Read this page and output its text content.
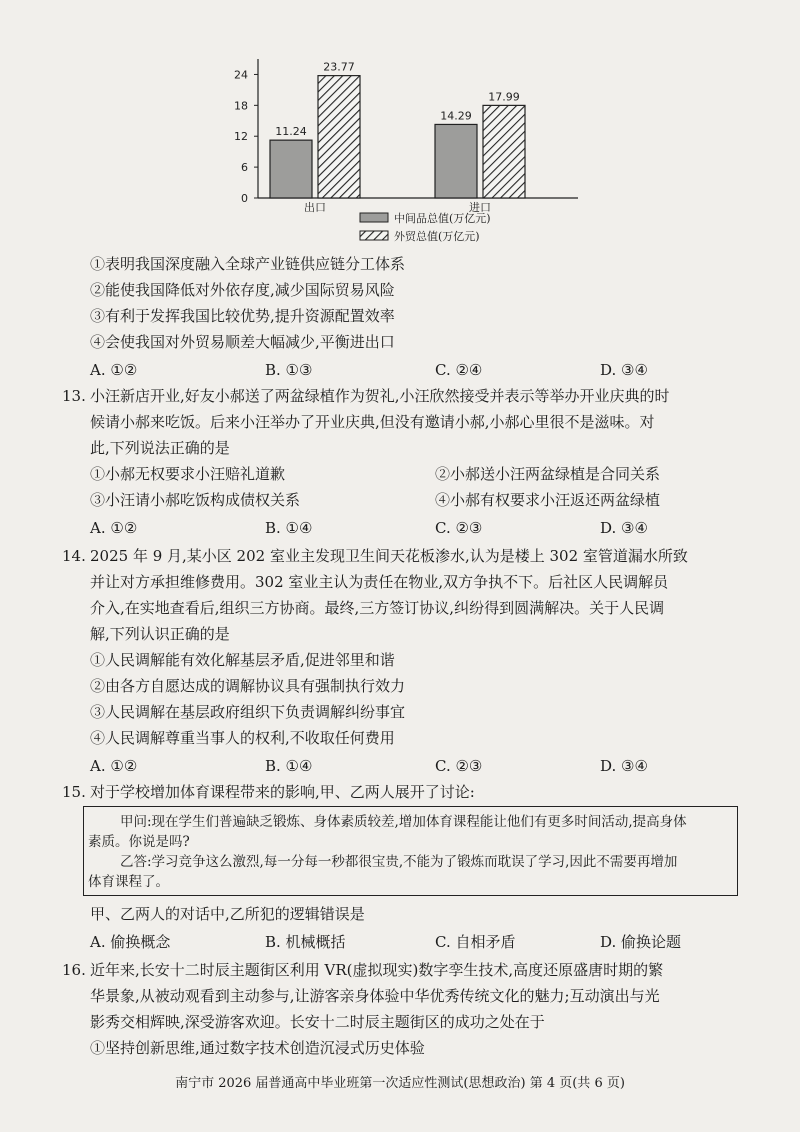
0
6
12
18
24
11.24
23.77
出口
14.29
17.99
进口
中间品总值(万亿元)
外贸总值(万亿元)
①表明我国深度融入全球产业链供应链分工体系
②能使我国降低对外依存度,减少国际贸易风险
③有利于发挥我国比较优势,提升资源配置效率
④会使我国对外贸易顺差大幅减少,平衡进出口
A. ①②	B. ①③	C. ②④	D. ③④
13. 小汪新店开业,好友小郝送了两盆绿植作为贺礼,小汪欣然接受并表示等举办开业庆典的时
候请小郝来吃饭。后来小汪举办了开业庆典,但没有邀请小郝,小郝心里很不是滋味。对
此,下列说法正确的是
①小郝无权要求小汪赔礼道歉	②小郝送小汪两盆绿植是合同关系
③小汪请小郝吃饭构成债权关系	④小郝有权要求小汪返还两盆绿植
A. ①②	B. ①④	C. ②③	D. ③④
14. 2025 年 9 月,某小区 202 室业主发现卫生间天花板渗水,认为是楼上 302 室管道漏水所致
并让对方承担维修费用。302 室业主认为责任在物业,双方争执不下。后社区人民调解员
介入,在实地查看后,组织三方协商。最终,三方签订协议,纠纷得到圆满解决。关于人民调
解,下列认识正确的是
①人民调解能有效化解基层矛盾,促进邻里和谐
②由各方自愿达成的调解协议具有强制执行效力
③人民调解在基层政府组织下负责调解纠纷事宜
④人民调解尊重当事人的权利,不收取任何费用
A. ①②	B. ①④	C. ②③	D. ③④
15. 对于学校增加体育课程带来的影响,甲、乙两人展开了讨论:
甲问:现在学生们普遍缺乏锻炼、身体素质较差,增加体育课程能让他们有更多时间活动,提高身体
素质。你说是吗?
乙答:学习竞争这么激烈,每一分每一秒都很宝贵,不能为了锻炼而耽误了学习,因此不需要再增加
体育课程了。
甲、乙两人的对话中,乙所犯的逻辑错误是
A. 偷换概念	B. 机械概括	C. 自相矛盾	D. 偷换论题
16. 近年来,长安十二时辰主题街区利用 VR(虚拟现实)数字孪生技术,高度还原盛唐时期的繁
华景象,从被动观看到主动参与,让游客亲身体验中华优秀传统文化的魅力;互动演出与光
影秀交相辉映,深受游客欢迎。长安十二时辰主题街区的成功之处在于
①坚持创新思维,通过数字技术创造沉浸式历史体验
南宁市 2026 届普通高中毕业班第一次适应性测试(思想政治) 第 4 页(共 6 页)
